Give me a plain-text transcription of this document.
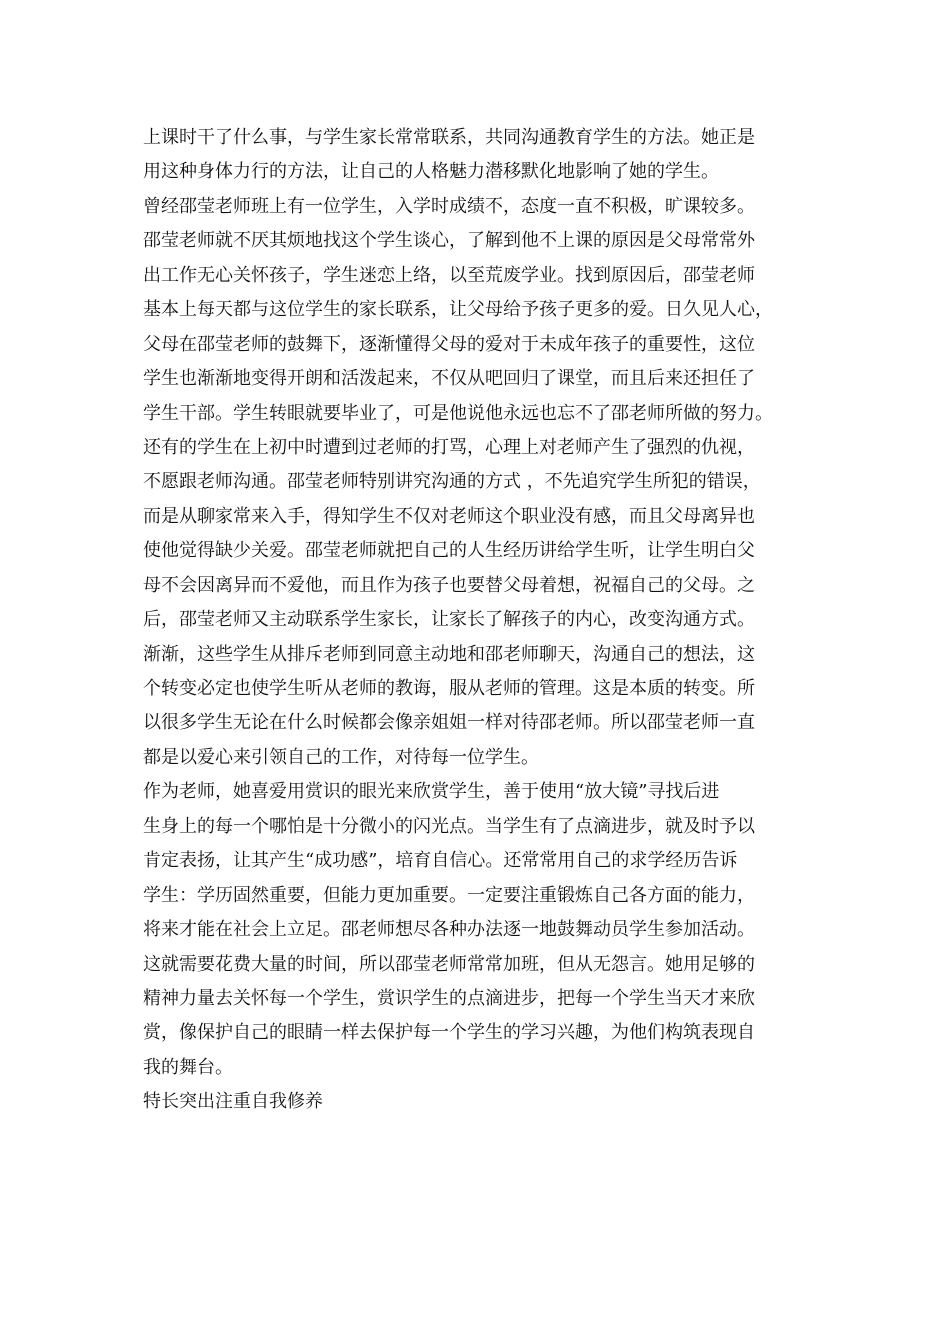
上课时干了什么事，与学生家长常常联系，共同沟通教育学生的方法。她正是
用这种身体力行的方法，让自己的人格魅力潜移默化地影响了她的学生。
曾经邵莹老师班上有一位学生，入学时成绩不，态度一直不积极，旷课较多。
邵莹老师就不厌其烦地找这个学生谈心，了解到他不上课的原因是父母常常外
出工作无心关怀孩子，学生迷恋上络，以至荒废学业。找到原因后，邵莹老师
基本上每天都与这位学生的家长联系，让父母给予孩子更多的爱。日久见人心，
父母在邵莹老师的鼓舞下，逐渐懂得父母的爱对于未成年孩子的重要性，这位
学生也渐渐地变得开朗和活泼起来，不仅从吧回归了课堂，而且后来还担任了
学生干部。学生转眼就要毕业了，可是他说他永远也忘不了邵老师所做的努力。
还有的学生在上初中时遭到过老师的打骂，心理上对老师产生了强烈的仇视，
不愿跟老师沟通。邵莹老师特别讲究沟通的方式 ，不先追究学生所犯的错误，
而是从聊家常来入手，得知学生不仅对老师这个职业没有感，而且父母离异也
使他觉得缺少关爱。邵莹老师就把自己的人生经历讲给学生听，让学生明白父
母不会因离异而不爱他，而且作为孩子也要替父母着想，祝福自己的父母。之
后，邵莹老师又主动联系学生家长，让家长了解孩子的内心，改变沟通方式。
渐渐，这些学生从排斥老师到同意主动地和邵老师聊天，沟通自己的想法，这
个转变必定也使学生听从老师的教诲，服从老师的管理。这是本质的转变。所
以很多学生无论在什么时候都会像亲姐姐一样对待邵老师。所以邵莹老师一直
都是以爱心来引领自己的工作，对待每一位学生。
作为老师，她喜爱用赏识的眼光来欣赏学生，善于使用“放大镜”寻找后进
生身上的每一个哪怕是十分微小的闪光点。当学生有了点滴进步，就及时予以
肯定表扬，让其产生“成功感”，培育自信心。还常常用自己的求学经历告诉
学生：学历固然重要，但能力更加重要。一定要注重锻炼自己各方面的能力，
将来才能在社会上立足。邵老师想尽各种办法逐一地鼓舞动员学生参加活动。
这就需要花费大量的时间，所以邵莹老师常常加班，但从无怨言。她用足够的
精神力量去关怀每一个学生，赏识学生的点滴进步，把每一个学生当天才来欣
赏，像保护自己的眼睛一样去保护每一个学生的学习兴趣，为他们构筑表现自
我的舞台。
特长突出注重自我修养
